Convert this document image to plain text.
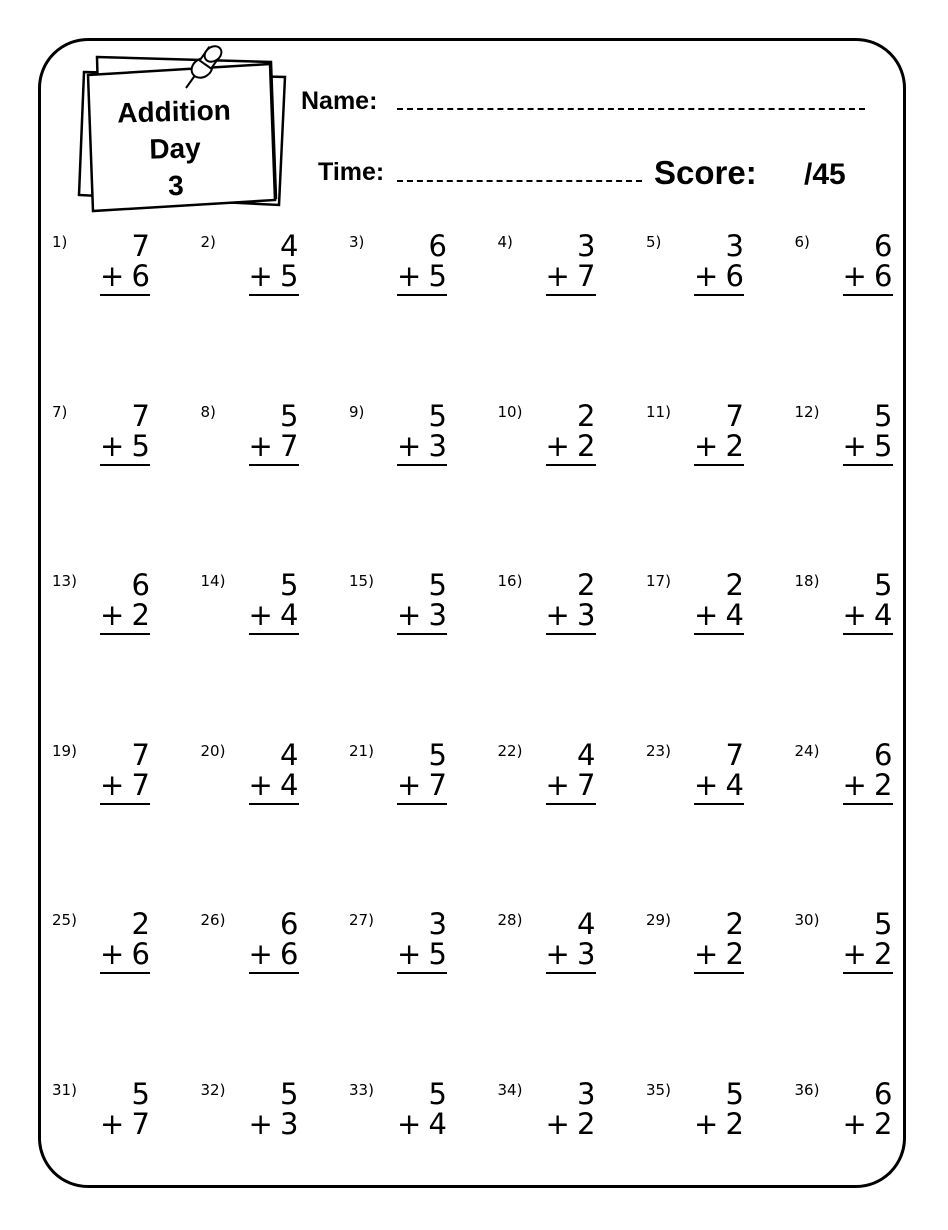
Addition
Day
3
Name:
Time:	Score: /45
1) 7
+ 6
2) 4
+ 5
3) 6
+ 5
4) 3
+ 7
5) 3
+ 6
6) 6
+ 6
7) 7
+ 5
8) 5
+ 7
9) 5
+ 3
10) 2
+ 2
11) 7
+ 2
12) 5
+ 5
13) 6
+ 2
14) 5
+ 4
15) 5
+ 3
16) 2
+ 3
17) 2
+ 4
18) 5
+ 4
19) 7
+ 7
20) 4
+ 4
21) 5
+ 7
22) 4
+ 7
23) 7
+ 4
24) 6
+ 2
25) 2
+ 6
26) 6
+ 6
27) 3
+ 5
28) 4
+ 3
29) 2
+ 2
30) 5
+ 2
31) 5
+ 7
32) 5
+ 3
33) 5
+ 4
34) 3
+ 2
35) 5
+ 2
36) 6
+ 2
